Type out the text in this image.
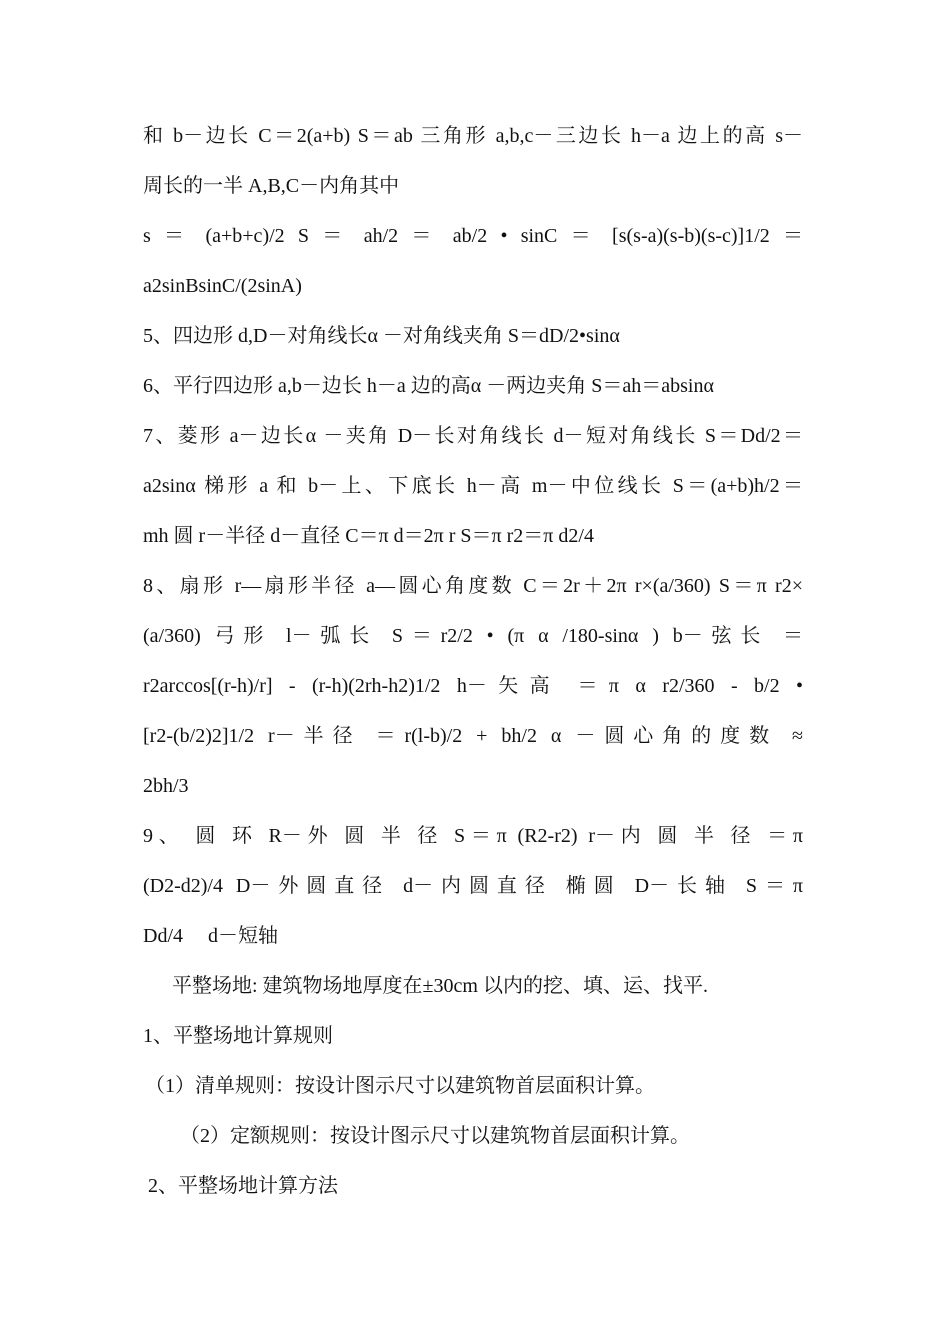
和 b－边长 C＝2(a+b) S＝ab 三角形 a,b,c－三边长 h－a 边上的高 s－
周长的一半 A,B,C－内角其中
s ＝ (a+b+c)/2 S ＝ ah/2 ＝ ab/2 • sinC ＝ [s(s-a)(s-b)(s-c)]1/2 ＝
a2sinBsinC/(2sinA)
5、四边形 d,D－对角线长α －对角线夹角 S＝dD/2•sinα
6、平行四边形 a,b－边长 h－a 边的高α －两边夹角 S＝ah＝absinα
7、菱形 a－边长α －夹角 D－长对角线长 d－短对角线长 S＝Dd/2＝
a2sinα 梯形 a 和 b－上、下底长 h－高 m－中位线长 S＝(a+b)h/2＝
mh 圆 r－半径 d－直径 C＝π d＝2π r S＝π r2＝π d2/4
8、扇形 r—扇形半径 a—圆心角度数 C＝2r＋2π r×(a/360) S＝π r2×
(a/360) 弓形 l－弧长 S＝r2/2 • (π α /180-sinα ) b－弦长 ＝
r2arccos[(r-h)/r] - (r-h)(2rh-h2)1/2 h－矢高 ＝π α r2/360 - b/2 •
[r2-(b/2)2]1/2 r－半径 ＝r(l-b)/2 + bh/2 α －圆心角的度数 ≈
2bh/3
9、 圆 环 R－外 圆 半 径 S＝π (R2-r2) r－内 圆 半 径 ＝π
(D2-d2)/4 D－外圆直径 d－内圆直径 椭圆 D－长轴 S＝π
Dd/4     d－短轴
平整场地: 建筑物场地厚度在±30cm 以内的挖、填、运、找平.
1、平整场地计算规则
（1）清单规则：按设计图示尺寸以建筑物首层面积计算。
（2）定额规则：按设计图示尺寸以建筑物首层面积计算。
2、平整场地计算方法
